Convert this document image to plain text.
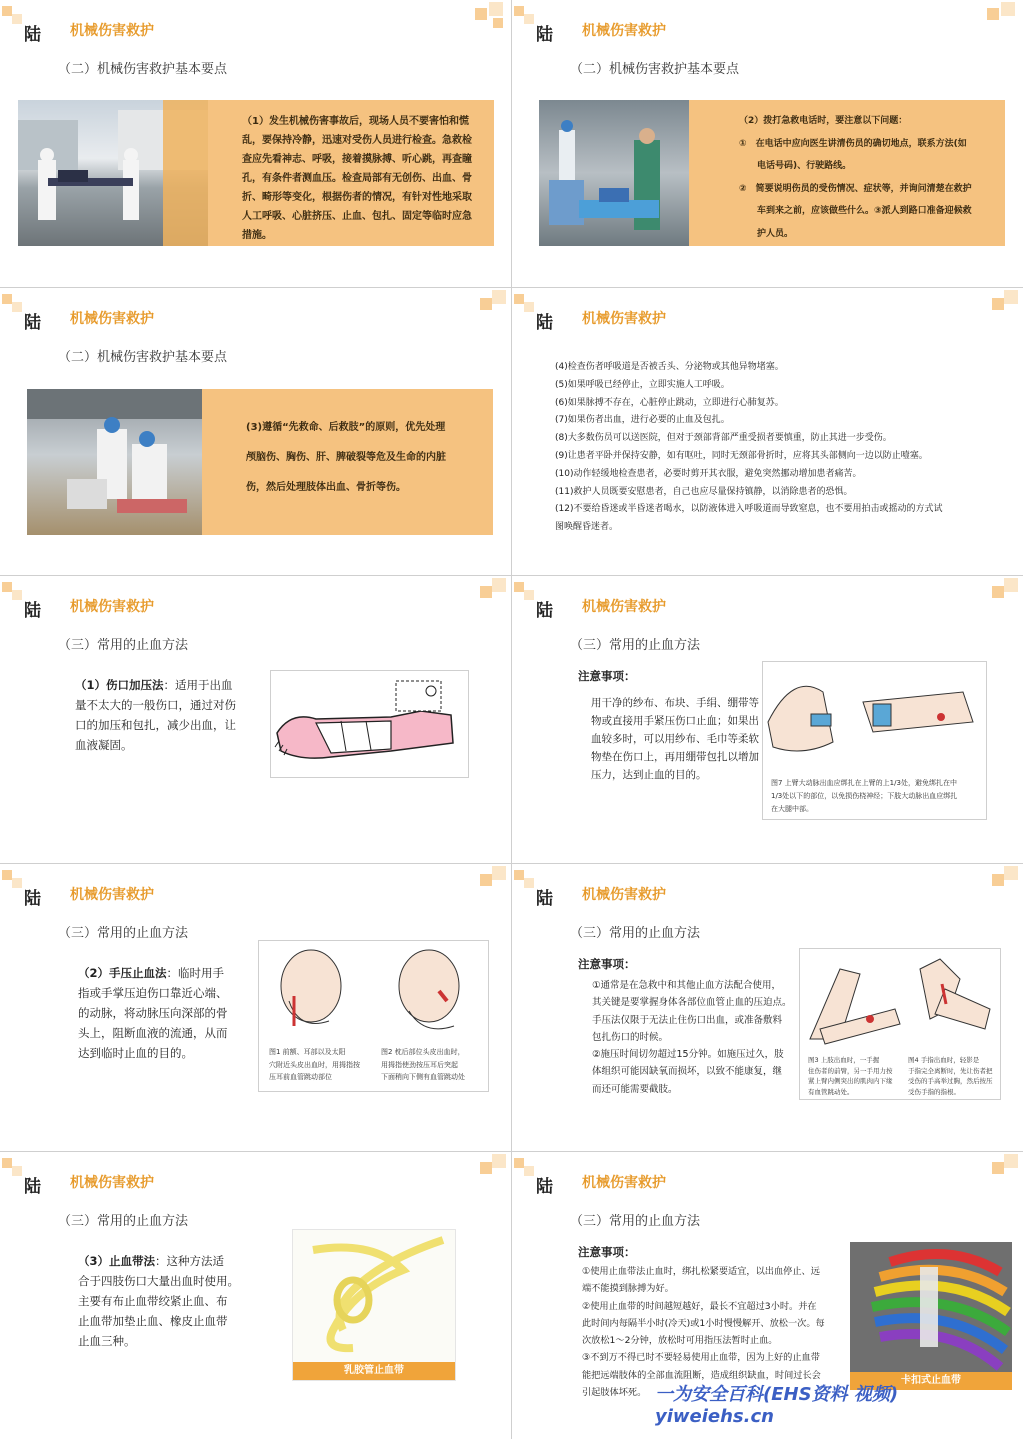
陆 机械伤害救护
（二）机械伤害救护基本要点
（1）发生机械伤害事故后，现场人员不要害怕和慌
乱，要保持冷静，迅速对受伤人员进行检查。急救检
查应先看神志、呼吸，接着摸脉搏、听心跳，再查瞳
孔，有条件者测血压。检查局部有无创伤、出血、骨
折、畸形等变化，根据伤者的情况，有针对性地采取
人工呼吸、心脏挤压、止血、包扎、固定等临时应急
措施。
陆 机械伤害救护
（二）机械伤害救护基本要点
（2）拨打急救电话时，要注意以下问题：
①　在电话中应向医生讲清伤员的确切地点，联系方法(如
　　电话号码)、行驶路线。
②　简要说明伤员的受伤情况、症状等，并询问清楚在救护
　　车到来之前，应该做些什么。③派人到路口准备迎候救
　　护人员。
陆 机械伤害救护
（二）机械伤害救护基本要点
(3)遵循“先救命、后救肢”的原则，优先处理
颅脑伤、胸伤、肝、脾破裂等危及生命的内脏
伤，然后处理肢体出血、骨折等伤。
陆 机械伤害救护
(4)检查伤者呼吸道是否被舌头、分泌物或其他异物堵塞。
(5)如果呼吸已经停止，立即实施人工呼吸。
(6)如果脉搏不存在，心脏停止跳动，立即进行心肺复苏。
(7)如果伤者出血，进行必要的止血及包扎。
(8)大多数伤员可以送医院，但对于颈部背部严重受损者要慎重，防止其进一步受伤。
(9)让患者平卧并保持安静，如有呕吐，同时无颈部骨折时，应将其头部侧向一边以防止噎塞。
(10)动作轻缓地检查患者，必要时剪开其衣服，避免突然挪动增加患者痛苦。
(11)救护人员既要安慰患者，自己也应尽量保持镇静，以消除患者的恐惧。
(12)不要给昏迷或半昏迷者喝水，以防液体进入呼吸道而导致窒息，也不要用拍击或摇动的方式试
图唤醒昏迷者。
陆 机械伤害救护
（三）常用的止血方法
（1）伤口加压法：适用于出血
量不太大的一般伤口，通过对伤
口的加压和包扎，减少出血，让
血液凝固。
陆 机械伤害救护
（三）常用的止血方法
注意事项：
用干净的纱布、布块、手绢、绷带等
物或直接用手紧压伤口止血；如果出
血较多时，可以用纱布、毛巾等柔软
物垫在伤口上，再用绷带包扎以增加
压力，达到止血的目的。
图7 上臂大动脉出血应绑扎在上臂的上1/3处，避免绑扎在中
1/3处以下的部位，以免损伤桡神经；下肢大动脉出血应绑扎
在大腿中部。
陆 机械伤害救护
（三）常用的止血方法
（2）手压止血法：临时用手
指或手掌压迫伤口靠近心端、
的动脉，将动脉压向深部的骨
头上，阻断血液的流通，从而
达到临时止血的目的。	图1 前额、耳部以及太阳
穴附近头皮出血时，用拇指按
压耳前血管跳动部位
图2 枕后部位头皮出血时，
用拇指使劲按压耳后突起
下面稍向下侧有血管跳动处
陆 机械伤害救护
（三）常用的止血方法
注意事项：
①通常是在急救中和其他止血方法配合使用，
其关键是要掌握身体各部位血管止血的压迫点。
手压法仅限于无法止住伤口出血，或准备敷料
包扎伤口的时候。
②施压时间切勿超过15分钟。如施压过久，肢
体组织可能因缺氧而损坏，以致不能康复，继
而还可能需要截肢。
图3 上肢出血时，一手握
住伤者的前臂，另一手用力按
紧上臂内侧突出的肌肉内下缘
有血管跳动处。
图4 手指出血时，轻影是
于指完全离断时，先让伤者把
受伤的手高举过胸，然后按压
受伤手指的指根。
陆 机械伤害救护
（三）常用的止血方法
（3）止血带法：这种方法适
合于四肢伤口大量出血时使用。
主要有布止血带绞紧止血、布
止血带加垫止血、橡皮止血带
止血三种。
乳胶管止血带
陆 机械伤害救护
（三）常用的止血方法
注意事项：
①使用止血带法止血时，绑扎松紧要适宜，以出血停止、远
端不能摸到脉搏为好。
②使用止血带的时间越短越好，最长不宜超过3小时。并在
此时间内每隔半小时(冷天)或1小时慢慢解开、放松一次。每
次放松1～2分钟，放松时可用指压法暂时止血。
③不到万不得已时不要轻易使用止血带，因为上好的止血带
能把远端肢体的全部血流阻断，造成组织缺血，时间过长会
引起肢体坏死。
卡扣式止血带
一为安全百科(EHS资料 视频) yiweiehs.cn
